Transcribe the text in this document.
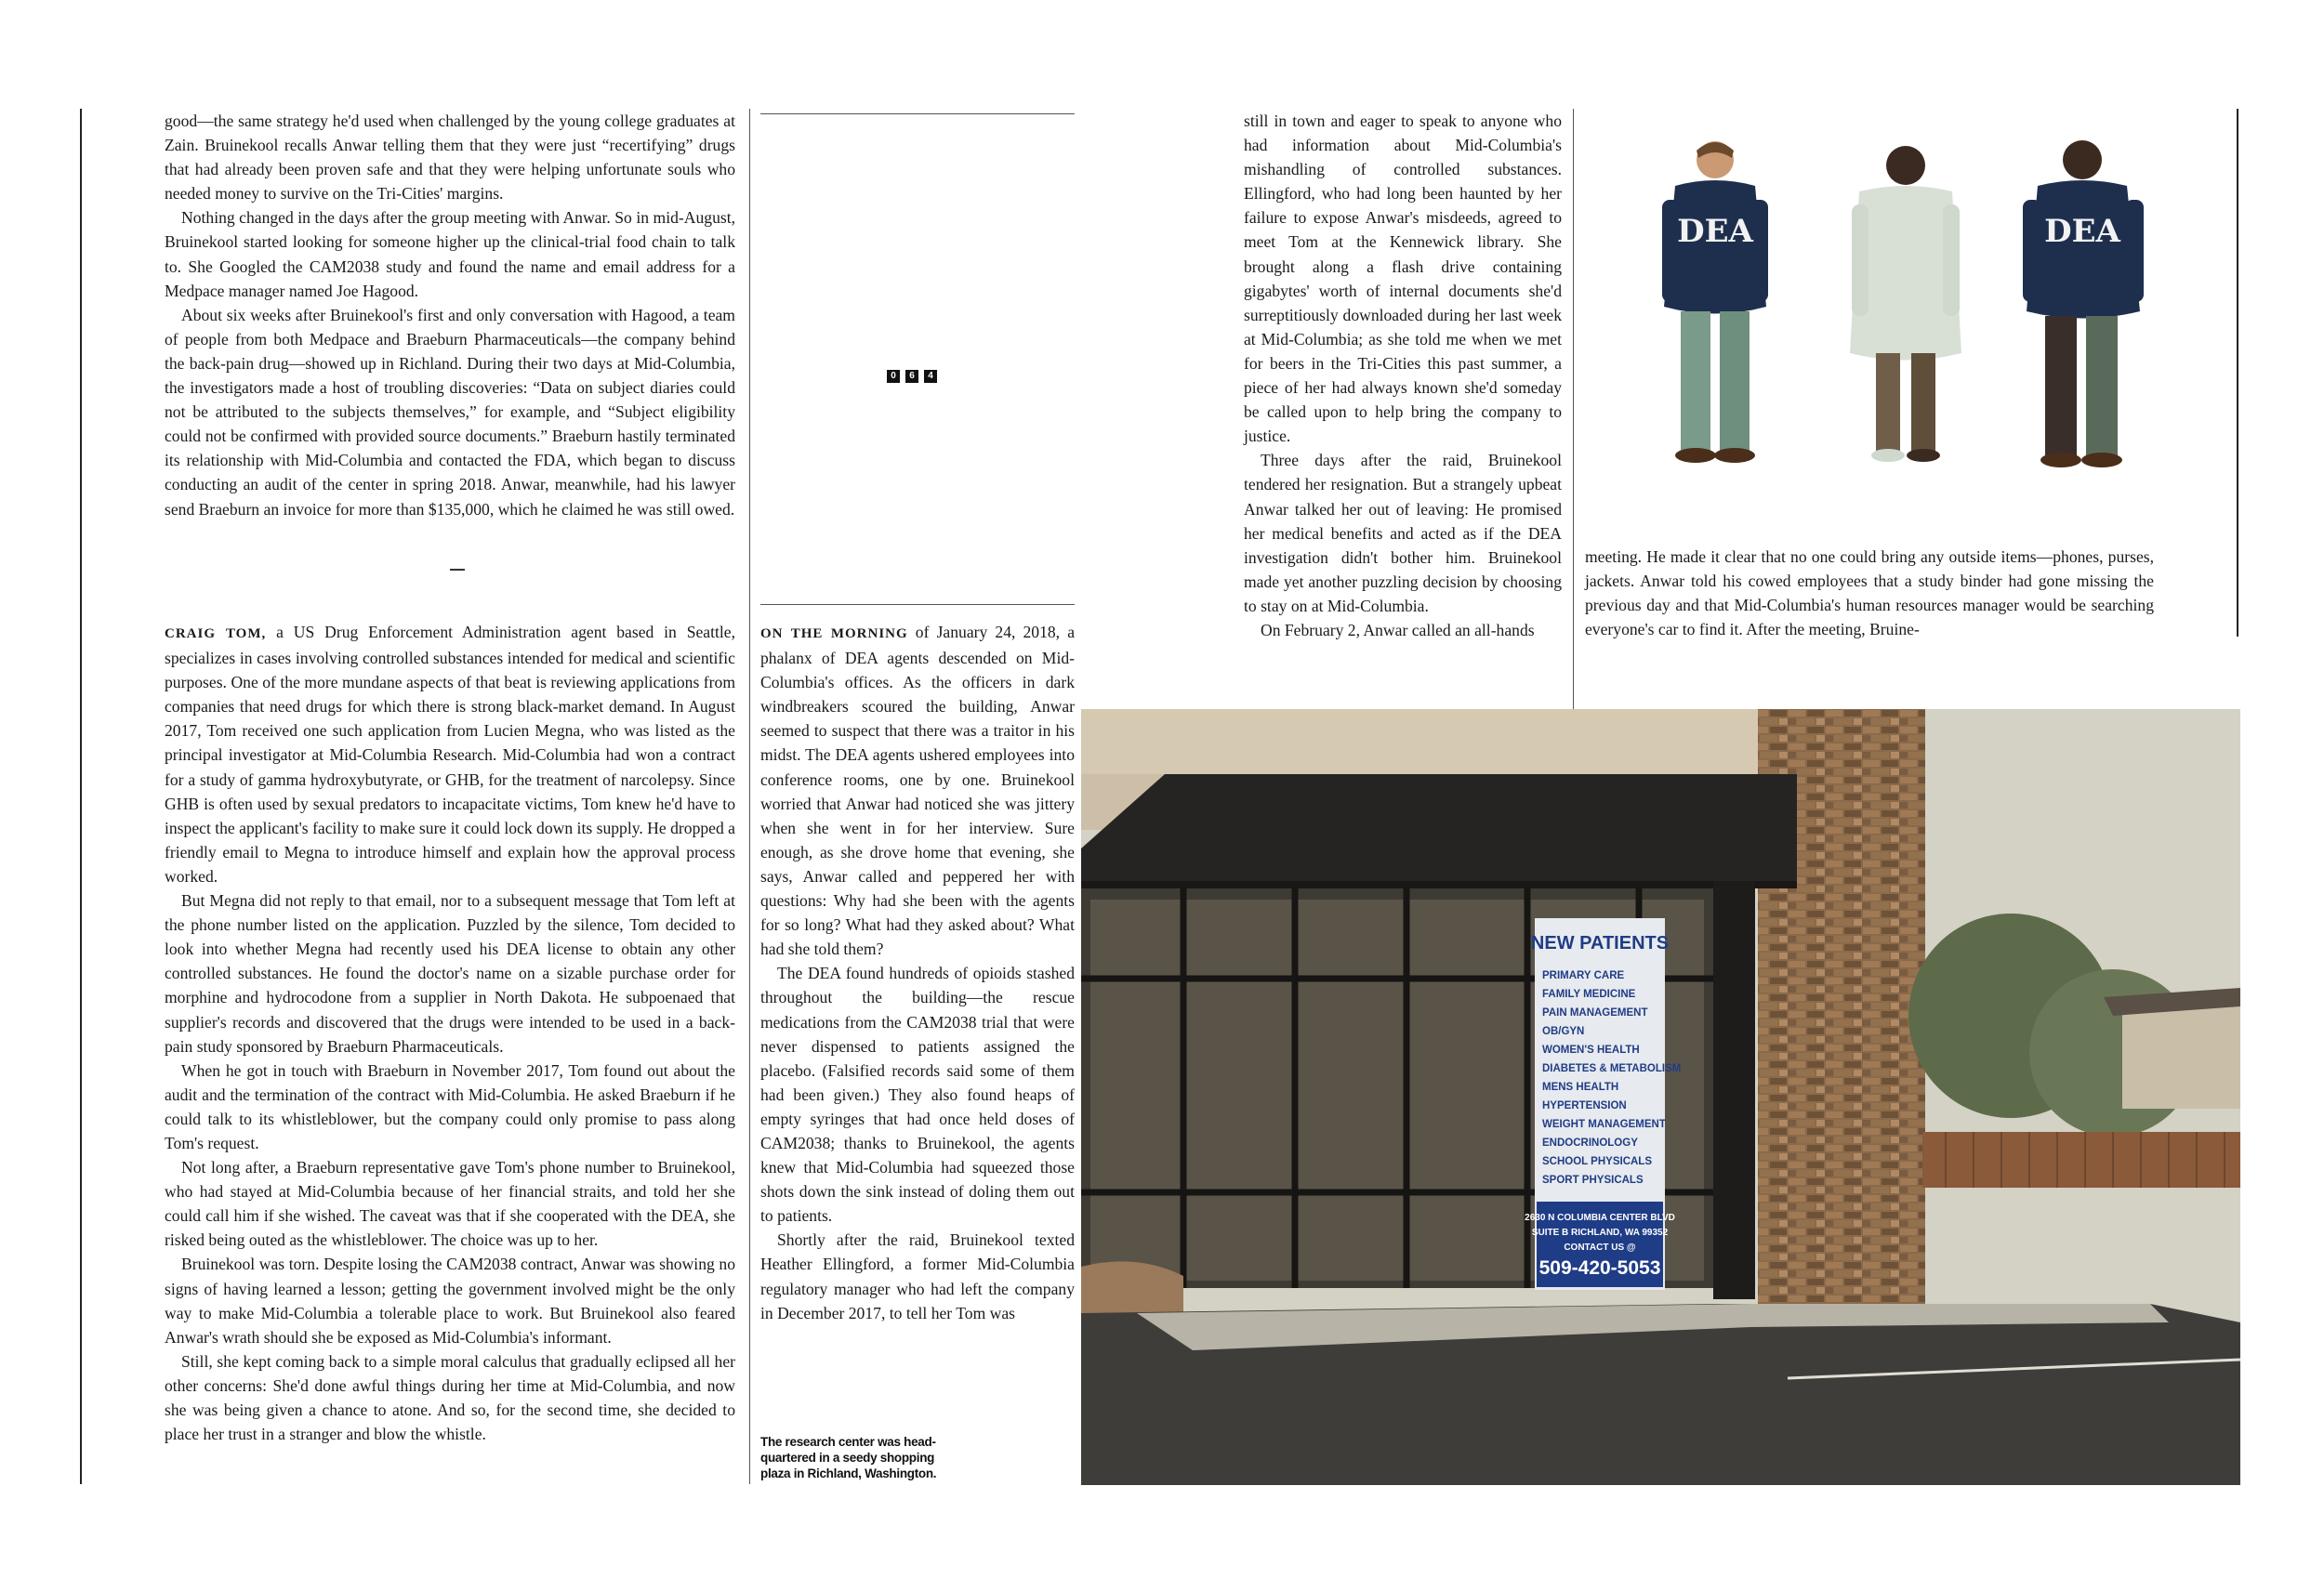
0	6	4

good—the same strategy he'd used when challenged by the young college graduates at Zain. Bruinekool recalls Anwar telling them that they were just “recertifying” drugs that had already been proven safe and that they were helping unfortunate souls who needed money to survive on the Tri-Cities' margins.

Nothing changed in the days after the group meeting with Anwar. So in mid-August, Bruinekool started looking for someone higher up the clinical-trial food chain to talk to. She Googled the CAM2038 study and found the name and email address for a Medpace manager named Joe Hagood.

About six weeks after Bruinekool's first and only conversation with Hagood, a team of people from both Medpace and Braeburn Pharmaceuticals—the company behind the back-pain drug—showed up in Richland. During their two days at Mid-Columbia, the investigators made a host of troubling discoveries: “Data on subject diaries could not be attributed to the subjects themselves,” for example, and “Subject eligibility could not be confirmed with provided source documents.” Braeburn hastily terminated its relationship with Mid-Columbia and contacted the FDA, which began to discuss conducting an audit of the center in spring 2018. Anwar, meanwhile, had his lawyer send Braeburn an invoice for more than $135,000, which he claimed he was still owed.

CRAIG TOM, a US Drug Enforcement Administration agent based in Seattle, specializes in cases involving controlled substances intended for medical and scientific purposes. One of the more mundane aspects of that beat is reviewing applications from companies that need drugs for which there is strong black-market demand. In August 2017, Tom received one such application from Lucien Megna, who was listed as the principal investigator at Mid-Columbia Research. Mid-Columbia had won a contract for a study of gamma hydroxybutyrate, or GHB, for the treatment of narcolepsy. Since GHB is often used by sexual predators to incapacitate victims, Tom knew he'd have to inspect the applicant's facility to make sure it could lock down its supply. He dropped a friendly email to Megna to introduce himself and explain how the approval process worked.

But Megna did not reply to that email, nor to a subsequent message that Tom left at the phone number listed on the application. Puzzled by the silence, Tom decided to look into whether Megna had recently used his DEA license to obtain any other controlled substances. He found the doctor's name on a sizable purchase order for morphine and hydrocodone from a supplier in North Dakota. He subpoenaed that supplier's records and discovered that the drugs were intended to be used in a back-pain study sponsored by Braeburn Pharmaceuticals.

When he got in touch with Braeburn in November 2017, Tom found out about the audit and the termination of the contract with Mid-Columbia. He asked Braeburn if he could talk to its whistleblower, but the company could only promise to pass along Tom's request.

Not long after, a Braeburn representative gave Tom's phone number to Bruinekool, who had stayed at Mid-Columbia because of her financial straits, and told her she could call him if she wished. The caveat was that if she cooperated with the DEA, she risked being outed as the whistleblower. The choice was up to her.

Bruinekool was torn. Despite losing the CAM2038 contract, Anwar was showing no signs of having learned a lesson; getting the government involved might be the only way to make Mid-Columbia a tolerable place to work. But Bruinekool also feared Anwar's wrath should she be exposed as Mid-Columbia's informant.

Still, she kept coming back to a simple moral calculus that gradually eclipsed all her other concerns: She'd done awful things during her time at Mid-Columbia, and now she was being given a chance to atone. And so, for the second time, she decided to place her trust in a stranger and blow the whistle.

ON THE MORNING of January 24, 2018, a phalanx of DEA agents descended on Mid-Columbia's offices. As the officers in dark windbreakers scoured the building, Anwar seemed to suspect that there was a traitor in his midst. The DEA agents ushered employees into conference rooms, one by one. Bruinekool worried that Anwar had noticed she was jittery when she went in for her interview. Sure enough, as she drove home that evening, she says, Anwar called and peppered her with questions: Why had she been with the agents for so long? What had they asked about? What had she told them?

The DEA found hundreds of opioids stashed throughout the building—the rescue medications from the CAM2038 trial that were never dispensed to patients assigned the placebo. (Falsified records said some of them had been given.) They also found heaps of empty syringes that had once held doses of CAM2038; thanks to Bruinekool, the agents knew that Mid-Columbia had squeezed those shots down the sink instead of doling them out to patients.

Shortly after the raid, Bruinekool texted Heather Ellingford, a former Mid-Columbia regulatory manager who had left the company in December 2017, to tell her Tom was

still in town and eager to speak to anyone who had information about Mid-Columbia's mishandling of controlled substances. Ellingford, who had long been haunted by her failure to expose Anwar's misdeeds, agreed to meet Tom at the Kennewick library. She brought along a flash drive containing gigabytes' worth of internal documents she'd surreptitiously downloaded during her last week at Mid-Columbia; as she told me when we met for beers in the Tri-Cities this past summer, a piece of her had always known she'd someday be called upon to help bring the company to justice.

Three days after the raid, Bruinekool tendered her resignation. But a strangely upbeat Anwar talked her out of leaving: He promised her medical benefits and acted as if the DEA investigation didn't bother him. Bruinekool made yet another puzzling decision by choosing to stay on at Mid-Columbia.

On February 2, Anwar called an all-hands

meeting. He made it clear that no one could bring any outside items—phones, purses, jackets. Anwar told his cowed employees that a study binder had gone missing the previous day and that Mid-Columbia's human resources manager would be searching everyone's car to find it. After the meeting, Bruine-

The research center was head-quartered in a seedy shopping plaza in Richland, Washington.
DEA	DEA
NEW PATIENTS
PRIMARY CARE
FAMILY MEDICINE
PAIN MANAGEMENT
OB/GYN
WOMEN'S HEALTH
DIABETES & METABOLISM
MENS HEALTH
HYPERTENSION
WEIGHT MANAGEMENT
ENDOCRINOLOGY
SCHOOL PHYSICALS
SPORT PHYSICALS
2630 N COLUMBIA CENTER BLVD
SUITE B RICHLAND, WA 99352
CONTACT US @
509-420-5053
